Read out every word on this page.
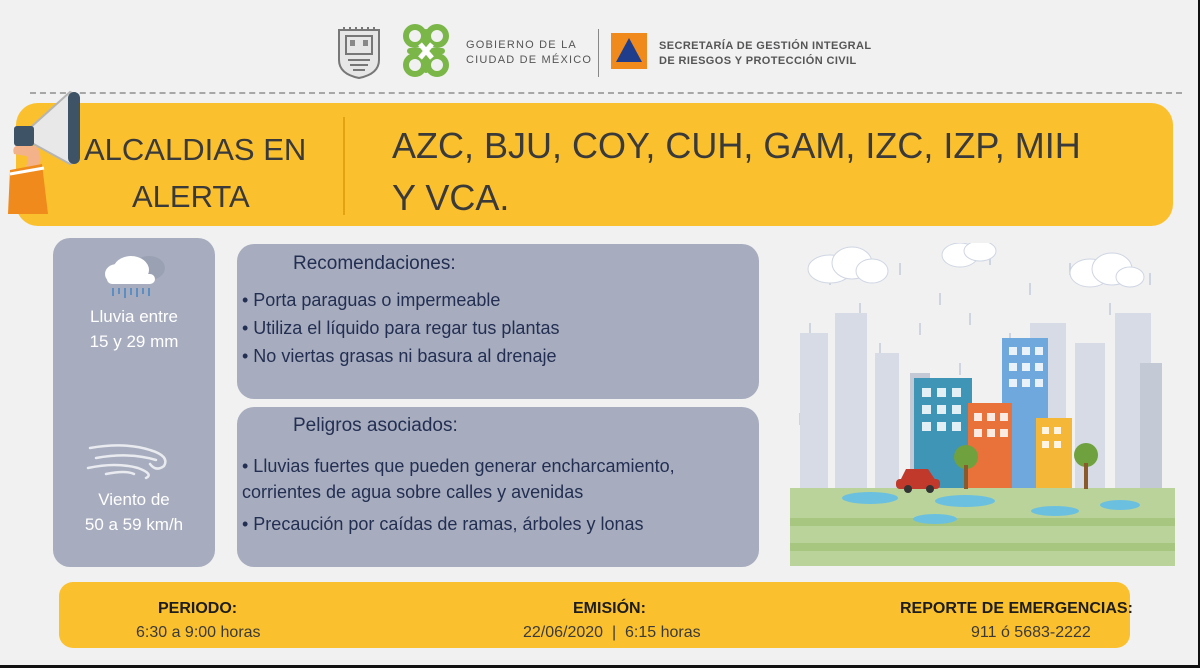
GOBIERNO DE LA
CIUDAD DE MÉXICO
SECRETARÍA DE GESTIÓN INTEGRAL
DE RIESGOS Y PROTECCIÓN CIVIL
ALCALDIAS EN
ALERTA
AZC, BJU, COY, CUH, GAM, IZC, IZP, MIH Y VCA.
Lluvia entre
15 y 29 mm
Viento de
50 a 59 km/h
Recomendaciones:
• Porta paraguas o impermeable
• Utiliza el líquido para regar tus plantas
• No viertas grasas ni basura al drenaje
Peligros asociados:
• Lluvias fuertes que pueden generar encharcamiento, corrientes de agua sobre calles y avenidas
• Precaución por caídas de ramas, árboles y lonas
PERIODO:
6:30 a 9:00 horas
EMISIÓN:
22/06/2020  |  6:15 horas
REPORTE DE EMERGENCIAS:
911 ó 5683-2222
